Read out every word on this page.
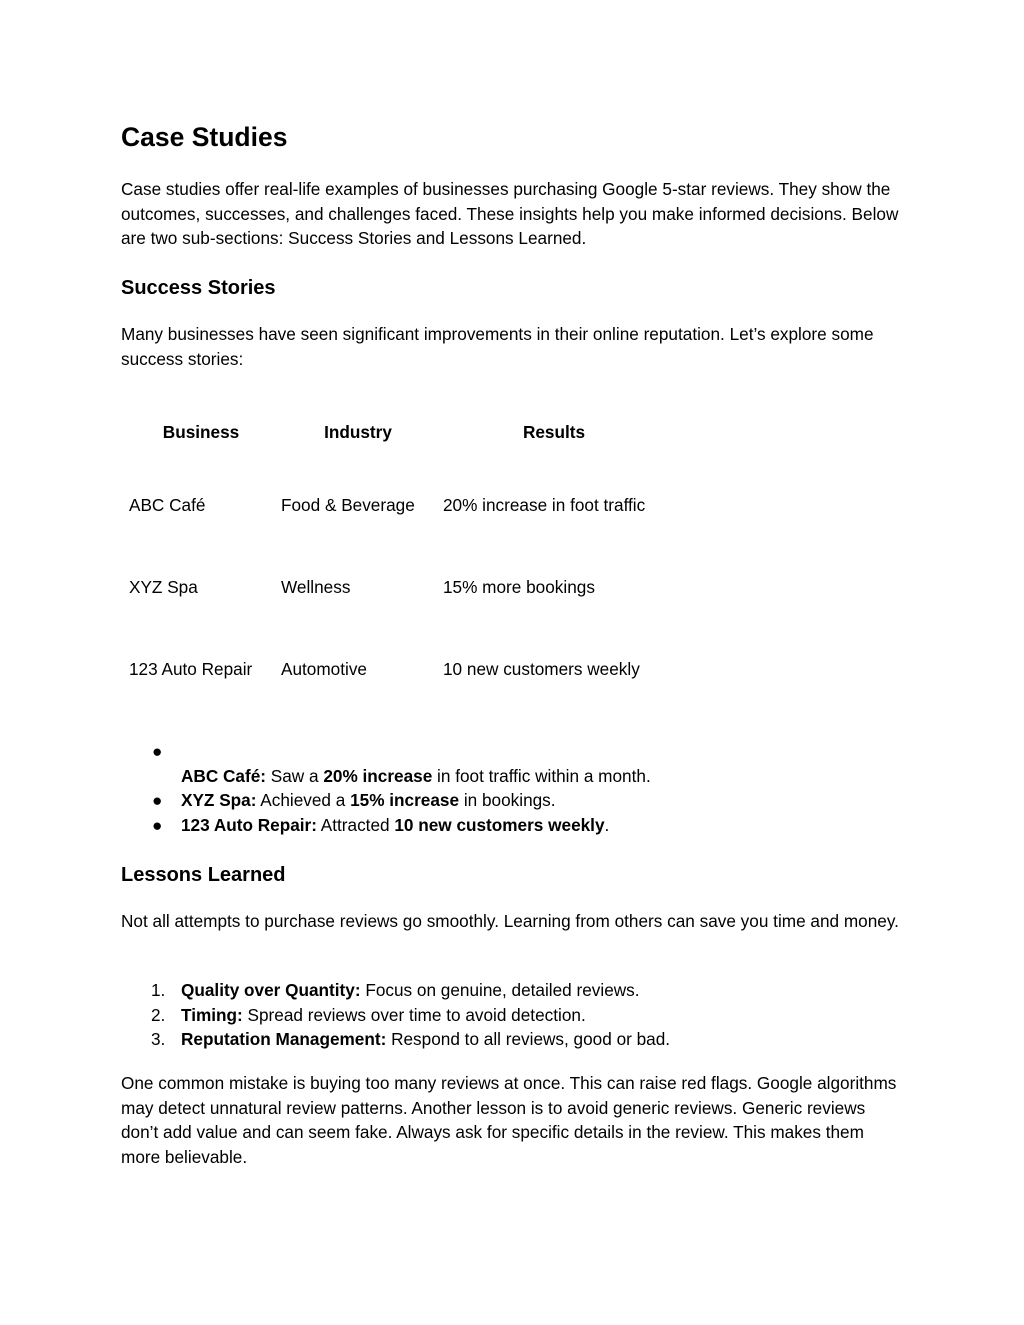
Case Studies

Case studies offer real-life examples of businesses purchasing Google 5-star reviews. They show the outcomes, successes, and challenges faced. These insights help you make informed decisions. Below are two sub-sections: Success Stories and Lessons Learned.

Success Stories

Many businesses have seen significant improvements in their online reputation. Let’s explore some success stories:

Business	Industry	Results
ABC Café	Food & Beverage	20% increase in foot traffic
XYZ Spa	Wellness	15% more bookings
123 Auto Repair	Automotive	10 new customers weekly
●
ABC Café: Saw a 20% increase in foot traffic within a month.
● XYZ Spa: Achieved a 15% increase in bookings.
● 123 Auto Repair: Attracted 10 new customers weekly.
Lessons Learned

Not all attempts to purchase reviews go smoothly. Learning from others can save you time and money.

1. Quality over Quantity: Focus on genuine, detailed reviews.
2. Timing: Spread reviews over time to avoid detection.
3. Reputation Management: Respond to all reviews, good or bad.

One common mistake is buying too many reviews at once. This can raise red flags. Google algorithms may detect unnatural review patterns. Another lesson is to avoid generic reviews. Generic reviews don’t add value and can seem fake. Always ask for specific details in the review. This makes them more believable.
